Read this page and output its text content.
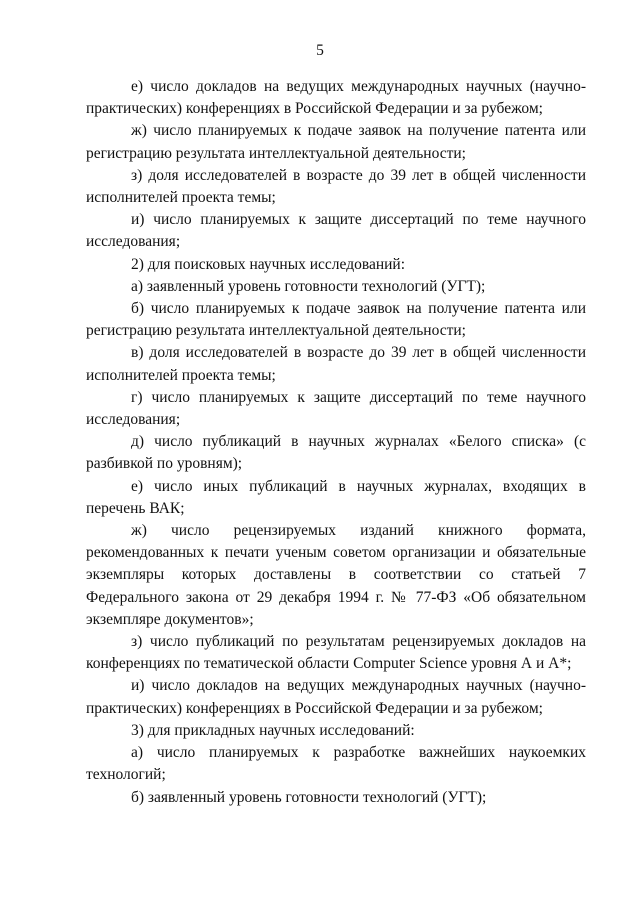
5

е) число докладов на ведущих международных научных (научно-практических) конференциях в Российской Федерации и за рубежом;

ж) число планируемых к подаче заявок на получение патента или регистрацию результата интеллектуальной деятельности;

з) доля исследователей в возрасте до 39 лет в общей численности исполнителей проекта темы;

и) число планируемых к защите диссертаций по теме научного исследования;

2) для поисковых научных исследований:

а) заявленный уровень готовности технологий (УГТ);

б) число планируемых к подаче заявок на получение патента или регистрацию результата интеллектуальной деятельности;

в) доля исследователей в возрасте до 39 лет в общей численности исполнителей проекта темы;

г) число планируемых к защите диссертаций по теме научного исследования;

д) число публикаций в научных журналах «Белого списка» (с разбивкой по уровням);

е) число иных публикаций в научных журналах, входящих в перечень ВАК;

ж) число рецензируемых изданий книжного формата, рекомендованных к печати ученым советом организации и обязательные экземпляры которых доставлены в соответствии со статьей 7 Федерального закона от 29 декабря 1994 г. № 77-ФЗ «Об обязательном экземпляре документов»;

з) число публикаций по результатам рецензируемых докладов на конференциях по тематической области Computer Science уровня А и А*;

и) число докладов на ведущих международных научных (научно-практических) конференциях в Российской Федерации и за рубежом;

3) для прикладных научных исследований:

а) число планируемых к разработке важнейших наукоемких технологий;

б) заявленный уровень готовности технологий (УГТ);
